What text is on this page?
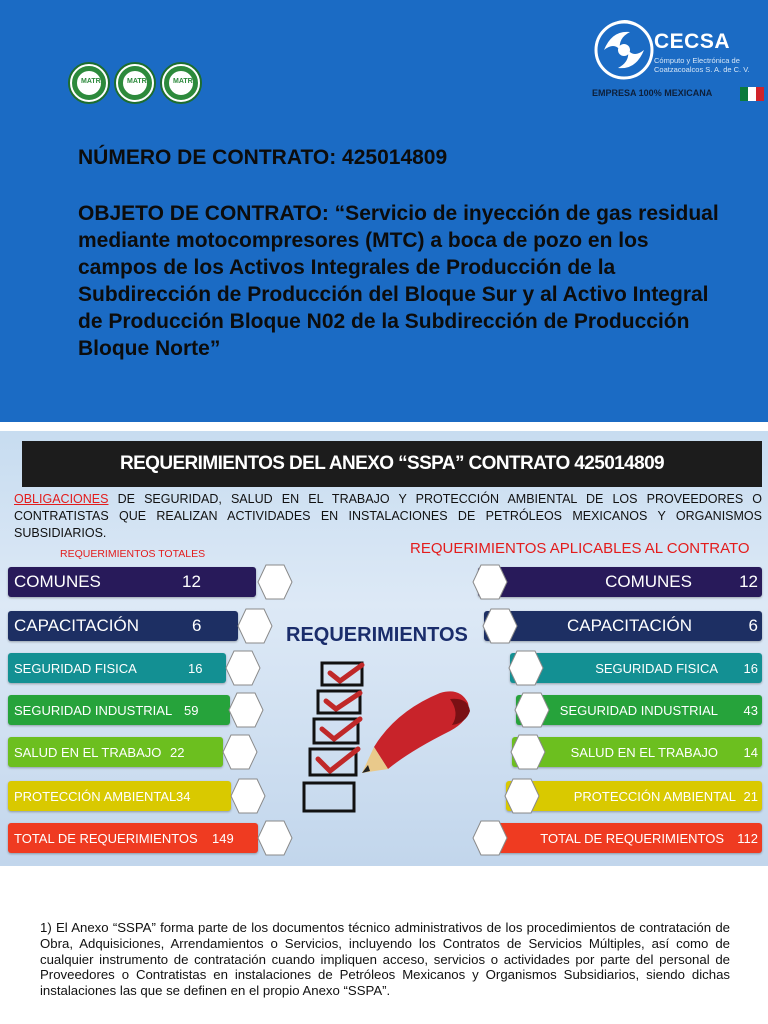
MATR	MATR	MATR
CECSA
Cómputo y Electrónica de Coatzacoalcos S. A. de C. V.
EMPRESA 100% MEXICANA
NÚMERO DE CONTRATO: 425014809
OBJETO DE CONTRATO: “Servicio de inyección de gas residual mediante motocompresores (MTC) a boca de pozo en los campos de los Activos Integrales de Producción de la Subdirección de Producción del Bloque Sur y al Activo Integral de Producción Bloque N02 de la Subdirección de Producción Bloque Norte”
REQUERIMIENTOS DEL ANEXO “SSPA” CONTRATO 425014809
OBLIGACIONES DE SEGURIDAD, SALUD EN EL TRABAJO Y PROTECCIÓN AMBIENTAL DE LOS PROVEEDORES O CONTRATISTAS QUE REALIZAN ACTIVIDADES EN INSTALACIONES DE PETRÓLEOS MEXICANOS Y ORGANISMOS SUBSIDIARIOS.
REQUERIMIENTOS TOTALES	REQUERIMIENTOS APLICABLES AL CONTRATO
COMUNES	12	COMUNES	12
CAPACITACIÓN	6	CAPACITACIÓN	6
SEGURIDAD FISICA	16	SEGURIDAD FISICA 16
SEGURIDAD INDUSTRIAL 59	SEGURIDAD INDUSTRIAL 43
SALUD EN EL TRABAJO 22	SALUD EN EL TRABAJO 14
PROTECCIÓN AMBIENTAL 34	PROTECCIÓN AMBIENTAL 21
TOTAL DE REQUERIMIENTOS 149	TOTAL DE REQUERIMIENTOS 112
REQUERIMIENTOS
1) El Anexo “SSPA” forma parte de los documentos técnico administrativos de los procedimientos de contratación de Obra, Adquisiciones, Arrendamientos o Servicios, incluyendo los Contratos de Servicios Múltiples, así como de cualquier instrumento de contratación cuando impliquen acceso, servicios o actividades por parte del personal de Proveedores o Contratistas en instalaciones de Petróleos Mexicanos y Organismos Subsidiarios, siendo dichas instalaciones las que se definen en el propio Anexo “SSPA”.
